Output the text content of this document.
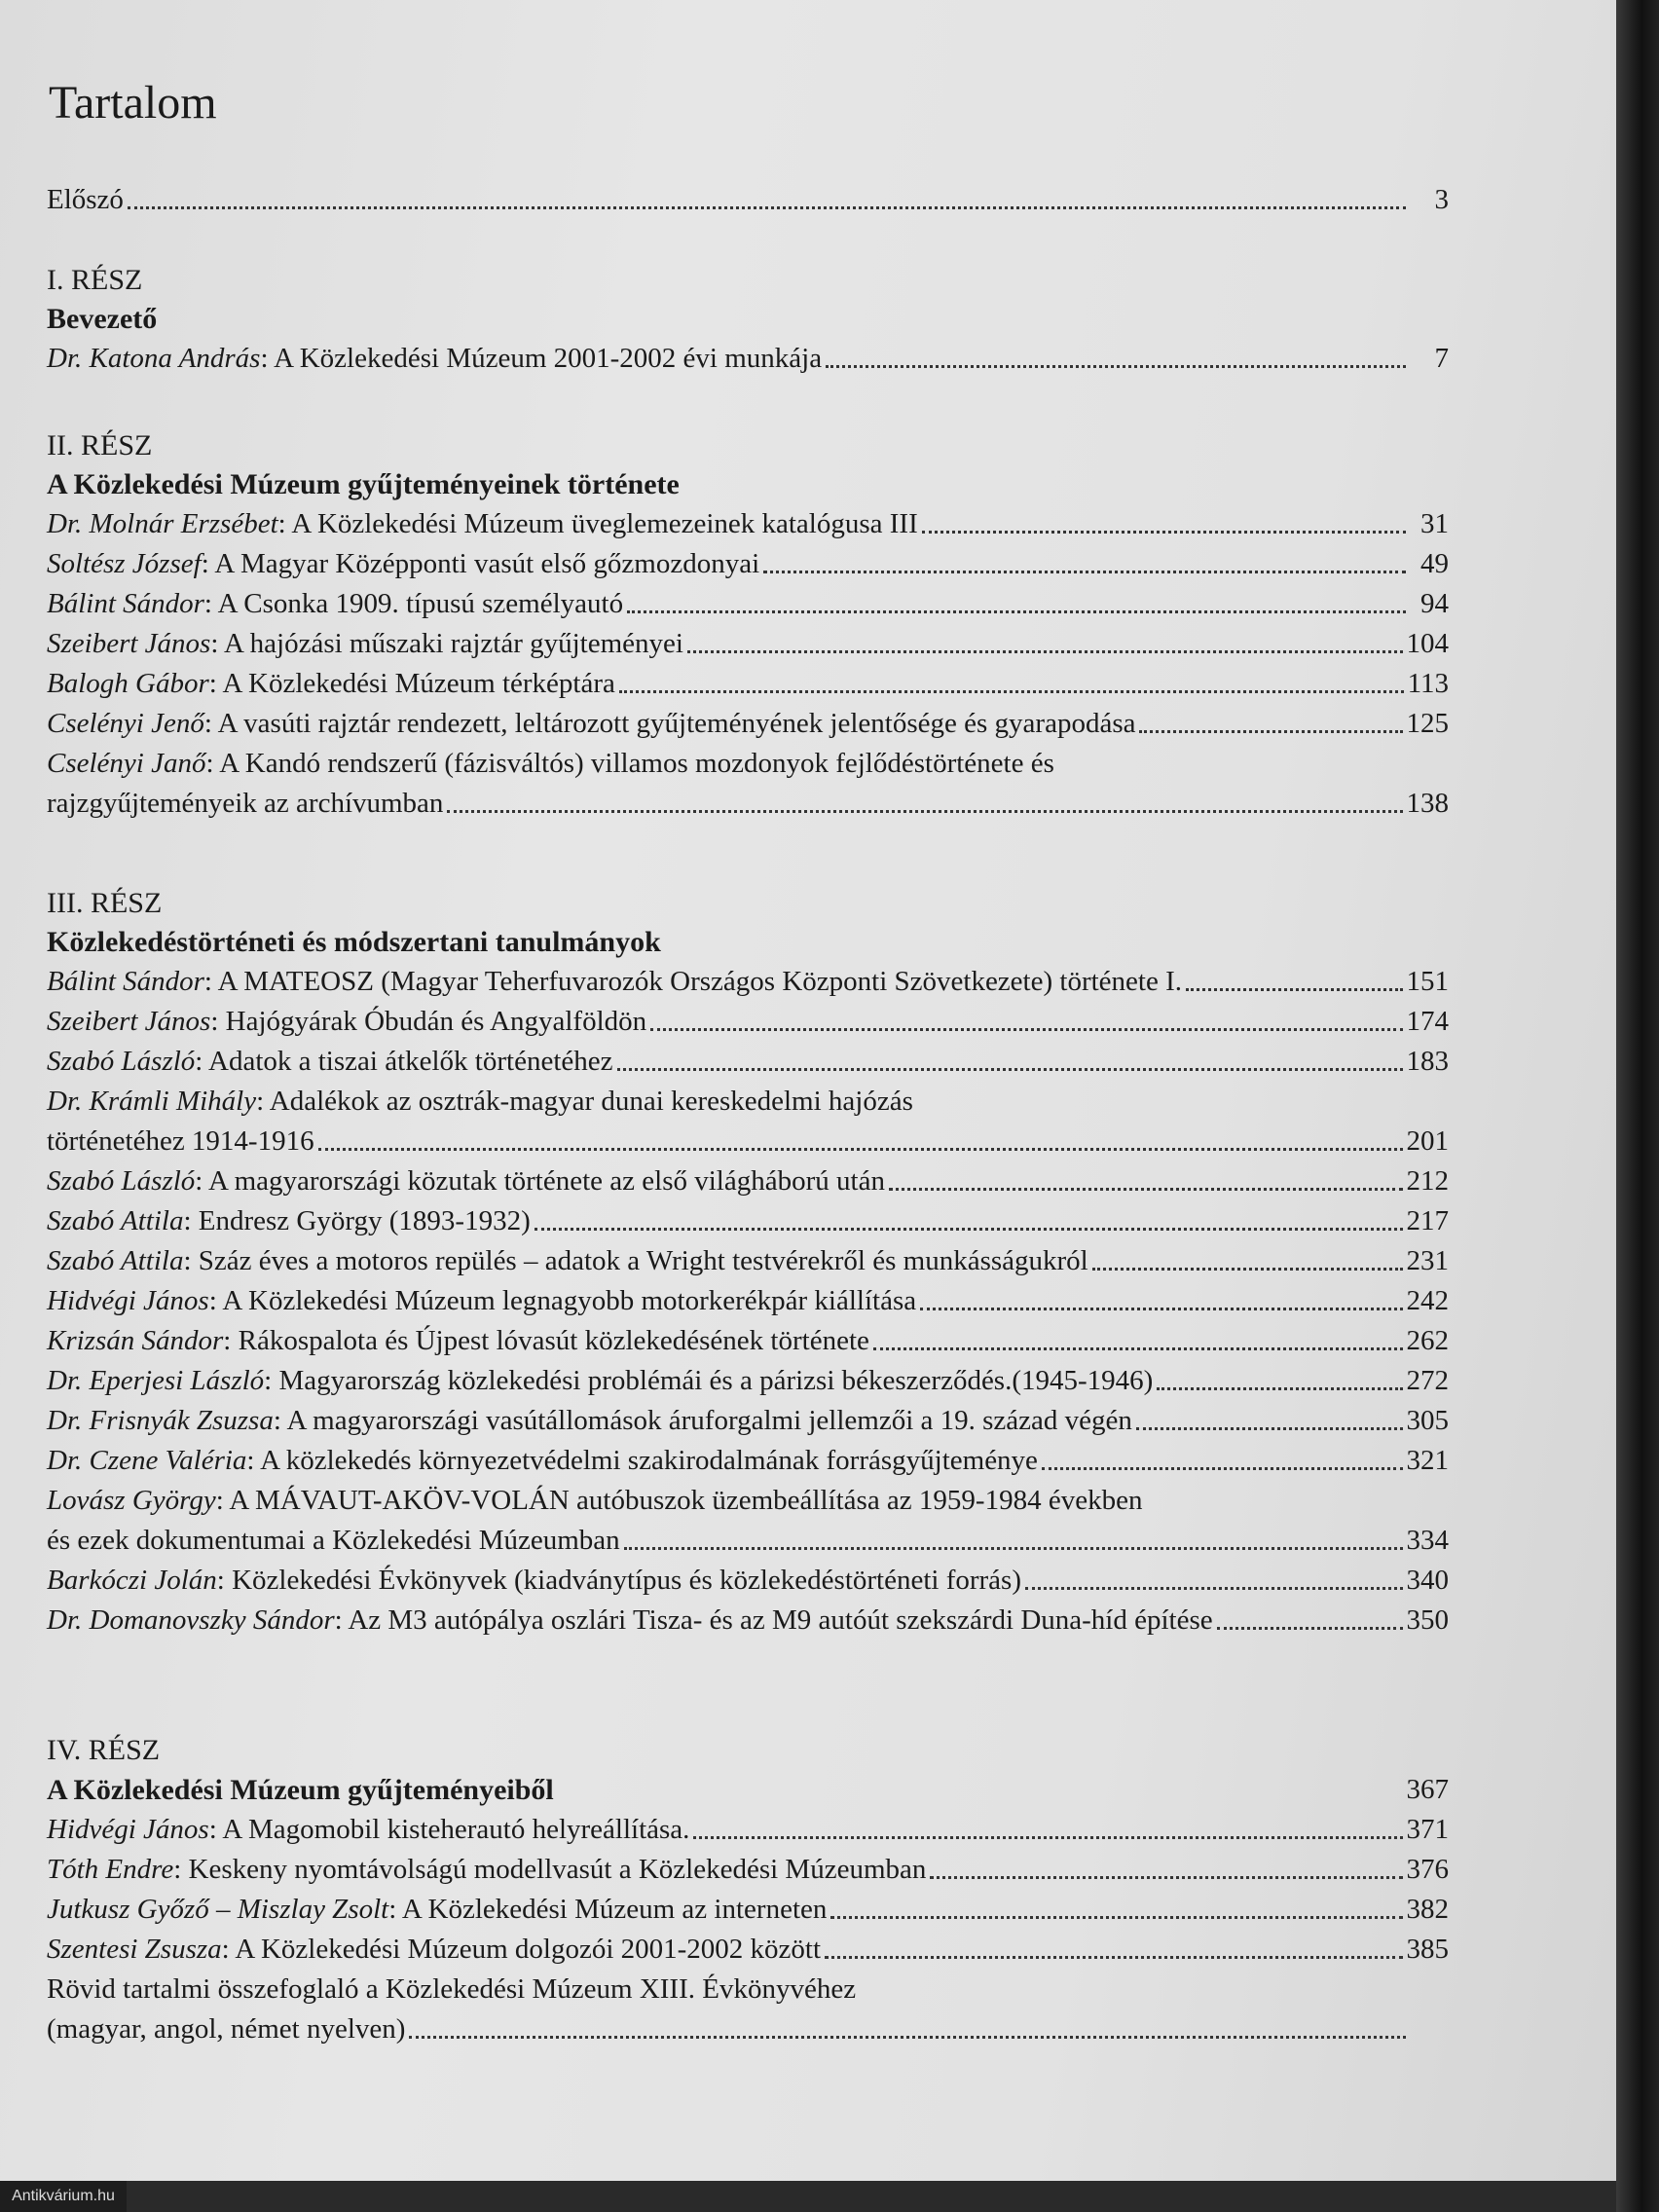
Tartalom
Előszó	3
I. RÉSZ
Bevezető
Dr. Katona András : A Közlekedési Múzeum 2001-2002 évi munkája	7
II. RÉSZ
A Közlekedési Múzeum gyűjteményeinek története
Dr. Molnár Erzsébet : A Közlekedési Múzeum üveglemezeinek katalógusa III	31
Soltész József : A Magyar Középponti vasút első gőzmozdonyai	49
Bálint Sándor : A Csonka 1909. típusú személyautó	94
Szeibert János : A hajózási műszaki rajztár gyűjteményei	104
Balogh Gábor : A Közlekedési Múzeum térképtára	113
Cselényi Jenő : A vasúti rajztár rendezett, leltározott gyűjteményének jelentősége és gyarapodása	125
Cselényi Janő: A Kandó rendszerű (fázisváltós) villamos mozdonyok fejlődéstörténete és
rajzgyűjteményeik az archívumban	138
III. RÉSZ
Közlekedéstörténeti és módszertani tanulmányok
Bálint Sándor : A MATEOSZ (Magyar Teherfuvarozók Országos Központi Szövetkezete) története I.	151
Szeibert János : Hajógyárak Óbudán és Angyalföldön	174
Szabó László : Adatok a tiszai átkelők történetéhez	183
Dr. Krámli Mihály: Adalékok az osztrák-magyar dunai kereskedelmi hajózás
történetéhez 1914-1916	201
Szabó László : A magyarországi közutak története az első világháború után	212
Szabó Attila : Endresz György (1893-1932)	217
Szabó Attila : Száz éves a motoros repülés – adatok a Wright testvérekről és munkásságukról	231
Hidvégi János : A Közlekedési Múzeum legnagyobb motorkerékpár kiállítása	242
Krizsán Sándor : Rákospalota és Újpest lóvasút közlekedésének története	262
Dr. Eperjesi László : Magyarország közlekedési problémái és a párizsi békeszerződés.(1945-1946)	272
Dr. Frisnyák Zsuzsa : A magyarországi vasútállomások áruforgalmi jellemzői a 19. század végén	305
Dr. Czene Valéria : A közlekedés környezetvédelmi szakirodalmának forrásgyűjteménye	321
Lovász György: A MÁVAUT-AKÖV-VOLÁN autóbuszok üzembeállítása az 1959-1984 években
és ezek dokumentumai a Közlekedési Múzeumban	334
Barkóczi Jolán : Közlekedési Évkönyvek (kiadványtípus és közlekedéstörténeti forrás)	340
Dr. Domanovszky Sándor : Az M3 autópálya oszlári Tisza- és az M9 autóút szekszárdi Duna-híd építése	350
IV. RÉSZ
A Közlekedési Múzeum gyűjteményeiből	367
Hidvégi János : A Magomobil kisteherautó helyreállítása.	371
Tóth Endre : Keskeny nyomtávolságú modellvasút a Közlekedési Múzeumban	376
Jutkusz Győző – Miszlay Zsolt : A Közlekedési Múzeum az interneten	382
Szentesi Zsusza : A Közlekedési Múzeum dolgozói 2001-2002 között	385
Rövid tartalmi összefoglaló a Közlekedési Múzeum XIII. Évkönyvéhez
(magyar, angol, német nyelven)
Antikvárium.hu
